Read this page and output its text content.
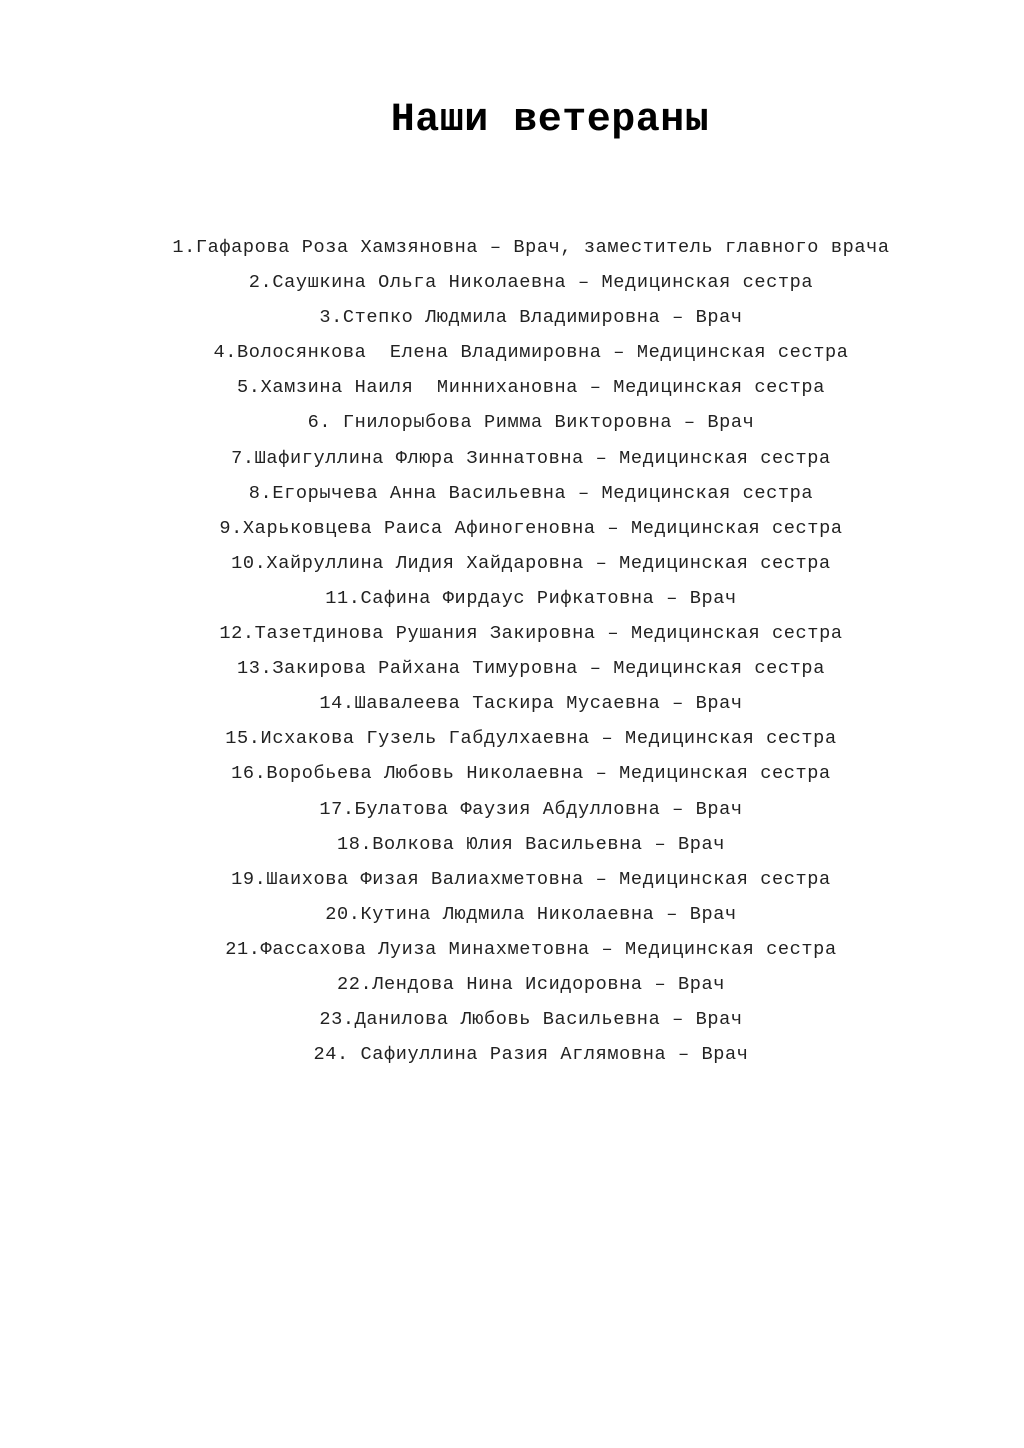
Наши ветераны
1.Гафарова Роза Хамзяновна – Врач, заместитель главного врача
2.Саушкина Ольга Николаевна – Медицинская сестра
3.Степко Людмила Владимировна – Врач
4.Волосянкова  Елена Владимировна – Медицинская сестра
5.Хамзина Наиля  Миннихановна – Медицинская сестра
6. Гнилорыбова Римма Викторовна – Врач
7.Шафигуллина Флюра Зиннатовна – Медицинская сестра
8.Егорычева Анна Васильевна – Медицинская сестра
9.Харьковцева Раиса Афиногеновна – Медицинская сестра
10.Хайруллина Лидия Хайдаровна – Медицинская сестра
11.Сафина Фирдаус Рифкатовна – Врач
12.Тазетдинова Рушания Закировна – Медицинская сестра
13.Закирова Райхана Тимуровна – Медицинская сестра
14.Шавалеева Таскира Мусаевна – Врач
15.Исхакова Гузель Габдулхаевна – Медицинская сестра
16.Воробьева Любовь Николаевна – Медицинская сестра
17.Булатова Фаузия Абдулловна – Врач
18.Волкова Юлия Васильевна – Врач
19.Шаихова Физая Валиахметовна – Медицинская сестра
20.Кутина Людмила Николаевна – Врач
21.Фассахова Луиза Минахметовна – Медицинская сестра
22.Лендова Нина Исидоровна – Врач
23.Данилова Любовь Васильевна – Врач
24. Сафиуллина Разия Аглямовна – Врач
